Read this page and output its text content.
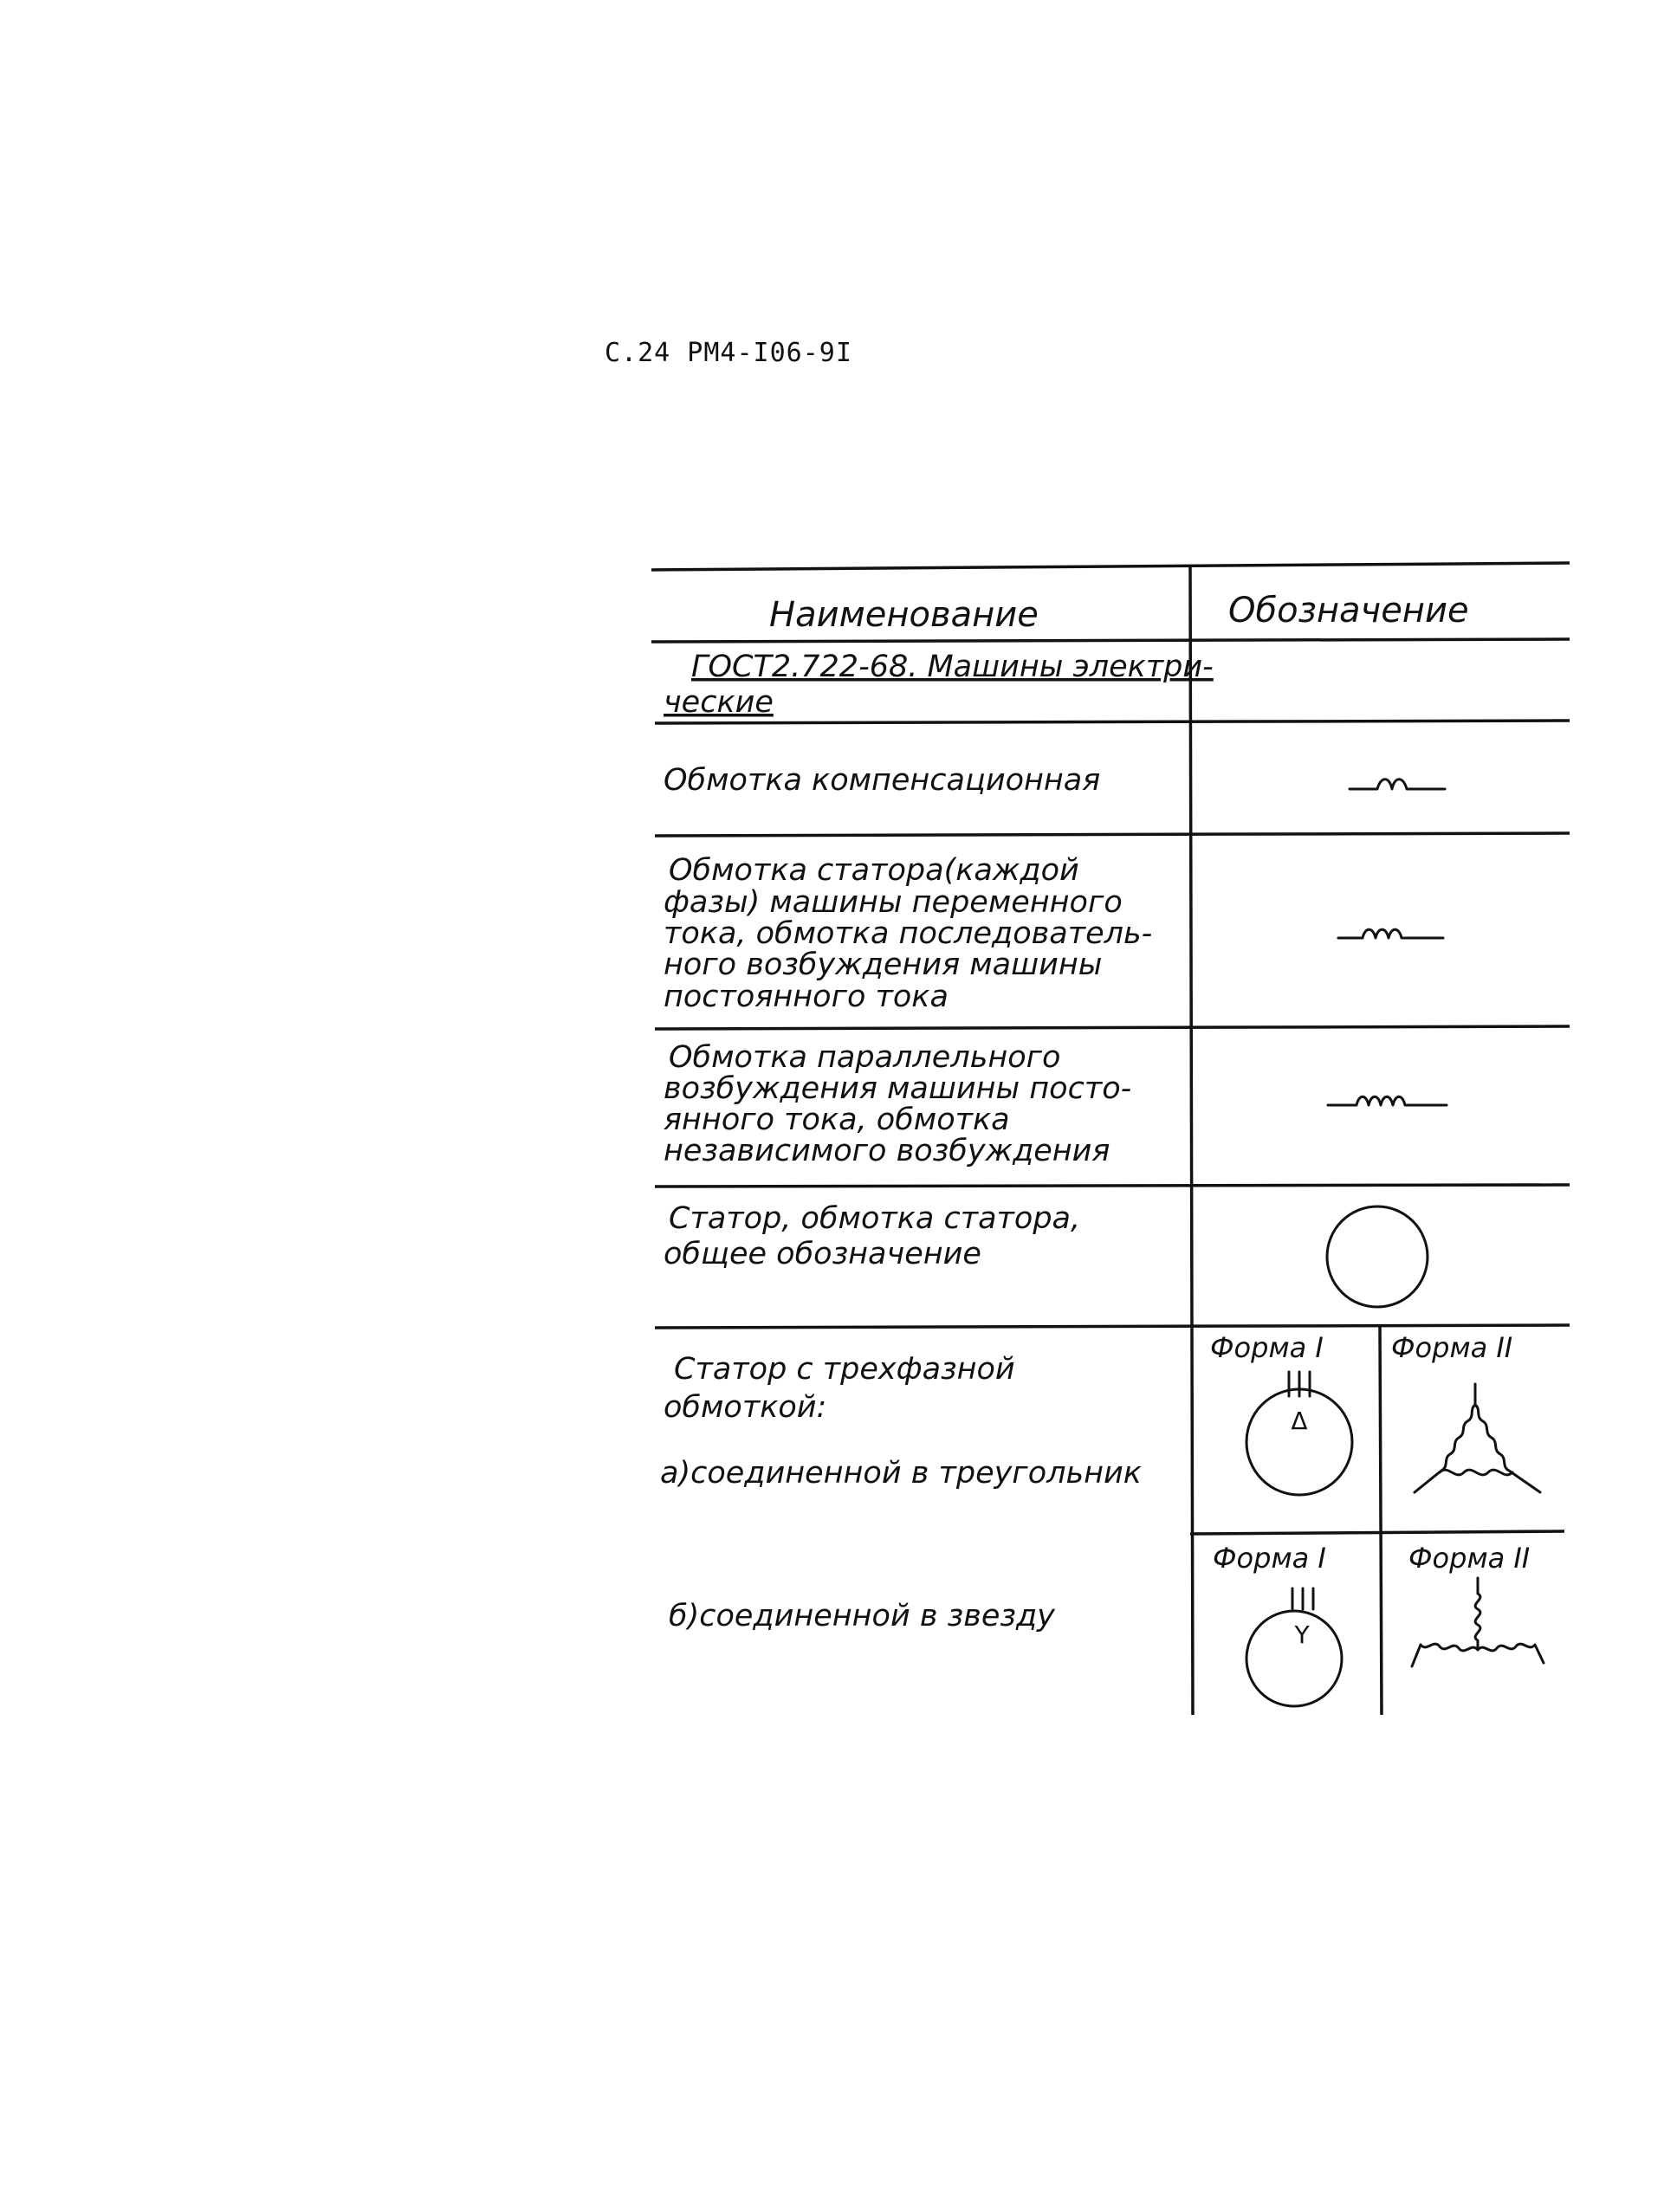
С.24 РМ4-I06-9I
Наименование	Обозначение
ГОСТ2.722-68. Машины электри-
ческие
Обмотка компенсационная
Обмотка статора(каждой
фазы) машины переменного
тока, обмотка последователь-
ного возбуждения машины
постоянного тока
Обмотка параллельного
возбуждения машины посто-
янного тока, обмотка
независимого возбуждения
Статор, обмотка статора,
общее обозначение
Статор с трехфазной
обмоткой:
а)соединенной в треугольник
б)соединенной в звезду
Форма I Форма II
Форма I	Форма II
Δ
Y
